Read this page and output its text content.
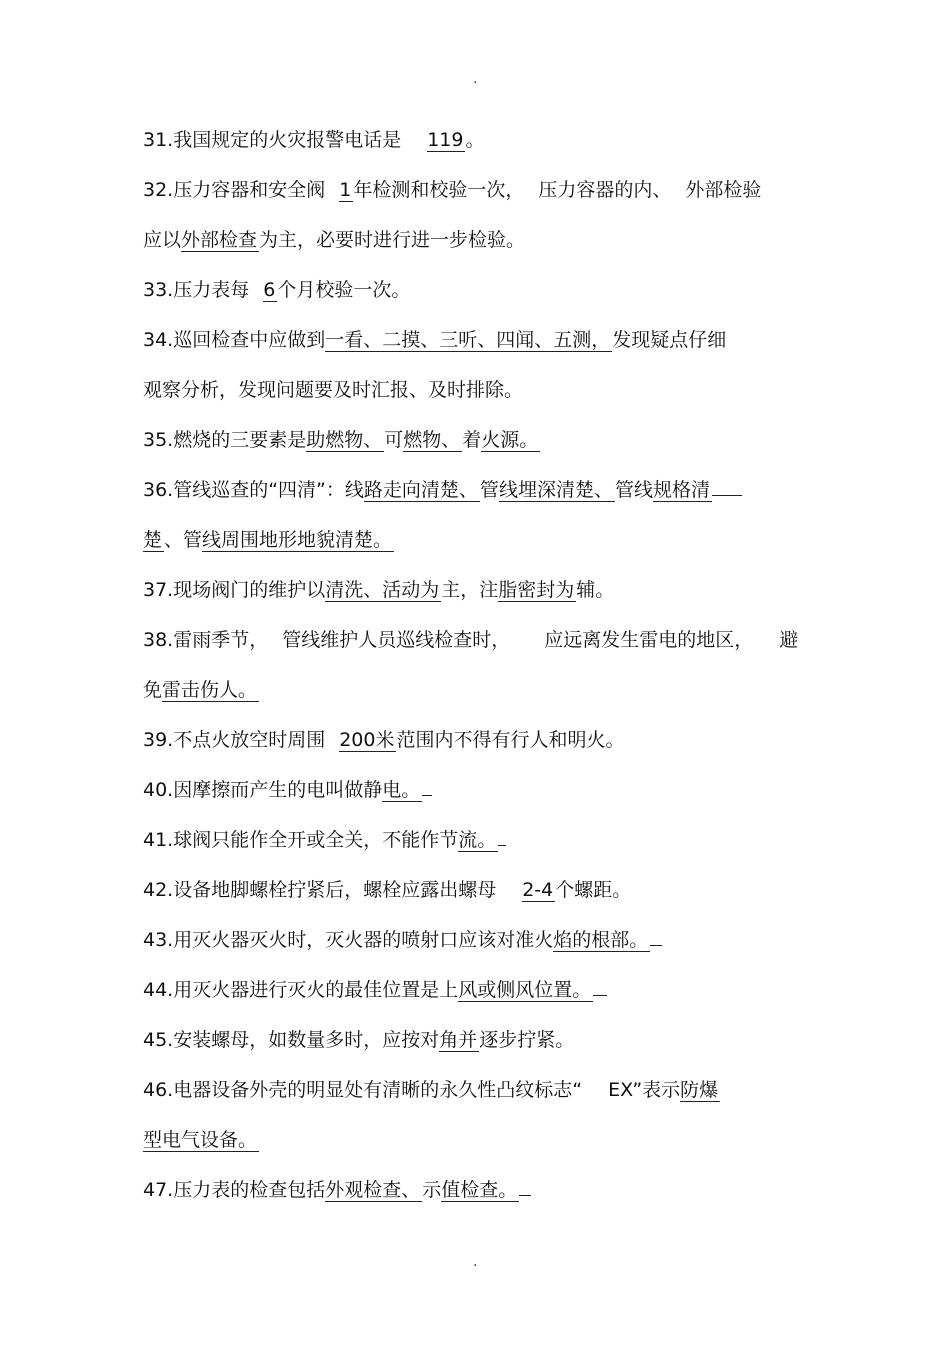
.
31.我国规定的火灾报警电话是 119 。
32.压力容器和安全阀 1 年检测和校验一次， 压力容器的内、 外部检验
应以外部检查 为主，必要时进行进一步检验。
33.压力表每 6 个月校验一次。
34.巡回检查中应做到一看、二摸、三听、四闻、五测， 发现疑点仔细
观察分析，发现问题要及时汇报、及时排除。
35.燃烧的三要素是助燃物、 可燃物、 着火源。
36.管线巡查的“四清”：线路走向清楚、 管线埋深清楚、 管线规格清
楚 、管线周围地形地貌清楚。
37.现场阀门的维护以清洗、活动为 主，注脂密封为 辅。
38.雷雨季节， 管线维护人员巡线检查时， 应远离发生雷电的地区， 避
免雷击伤人。
39.不点火放空时周围 200米 范围内不得有行人和明火。
40.因摩擦而产生的电叫做静电。
41.球阀只能作全开或全关，不能作节流。
42.设备地脚螺栓拧紧后，螺栓应露出螺母 2-4 个螺距。
43.用灭火器灭火时，灭火器的喷射口应该对准火焰的根部。
44.用灭火器进行灭火的最佳位置是上风或侧风位置。
45.安装螺母，如数量多时，应按对角并 逐步拧紧。
46.电器设备外壳的明显处有清晰的永久性凸纹标志“ EX”表示防爆
型电气设备。
47.压力表的检查包括外观检查、 示值检查。
.
